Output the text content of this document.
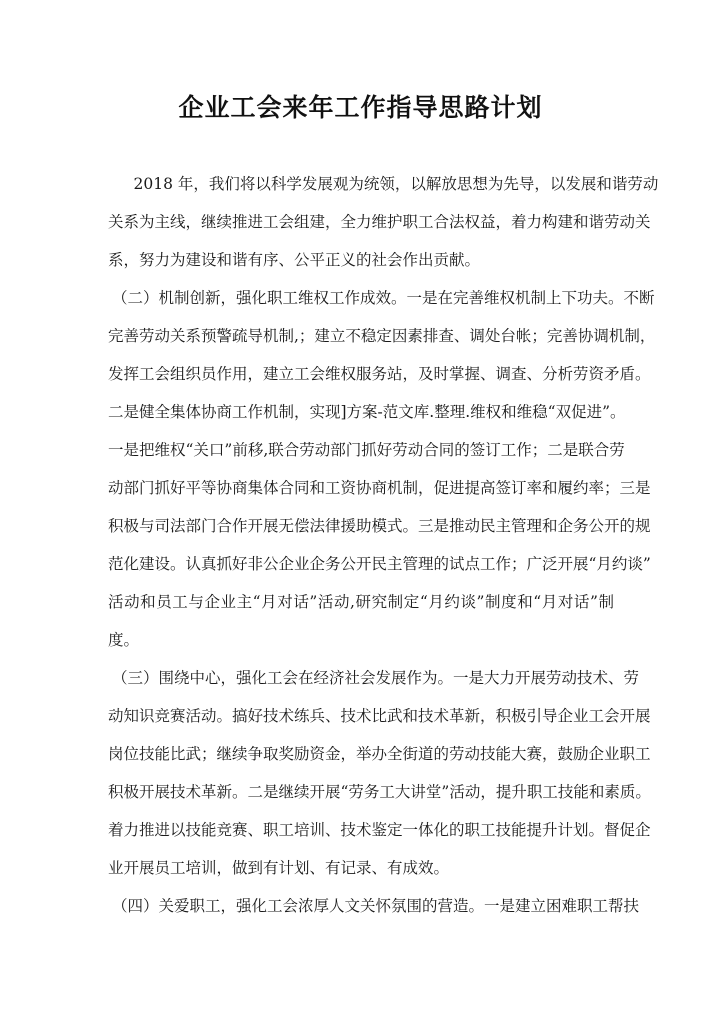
企业工会来年工作指导思路计划
　2018 年，我们将以科学发展观为统领，以解放思想为先导，以发展和谐劳动
关系为主线，继续推进工会组建，全力维护职工合法权益，着力构建和谐劳动关
系，努力为建设和谐有序、公平正义的社会作出贡献。
（二）机制创新，强化职工维权工作成效。一是在完善维权机制上下功夫。不断
完善劳动关系预警疏导机制,；建立不稳定因素排查、调处台帐；完善协调机制，
发挥工会组织员作用，建立工会维权服务站，及时掌握、调查、分析劳资矛盾。
二是健全集体协商工作机制，实现]方案-范文库.整理.维权和维稳“双促进”。
一是把维权“关口”前移,联合劳动部门抓好劳动合同的签订工作；二是联合劳
动部门抓好平等协商集体合同和工资协商机制，促进提高签订率和履约率；三是
积极与司法部门合作开展无偿法律援助模式。三是推动民主管理和企务公开的规
范化建设。认真抓好非公企业企务公开民主管理的试点工作；广泛开展“月约谈”
活动和员工与企业主“月对话”活动,研究制定“月约谈”制度和“月对话”制
度。
（三）围绕中心，强化工会在经济社会发展作为。一是大力开展劳动技术、劳
动知识竞赛活动。搞好技术练兵、技术比武和技术革新，积极引导企业工会开展
岗位技能比武；继续争取奖励资金，举办全街道的劳动技能大赛，鼓励企业职工
积极开展技术革新。二是继续开展“劳务工大讲堂”活动，提升职工技能和素质。
着力推进以技能竞赛、职工培训、技术鉴定一体化的职工技能提升计划。督促企
业开展员工培训，做到有计划、有记录、有成效。
（四）关爱职工，强化工会浓厚人文关怀氛围的营造。一是建立困难职工帮扶
